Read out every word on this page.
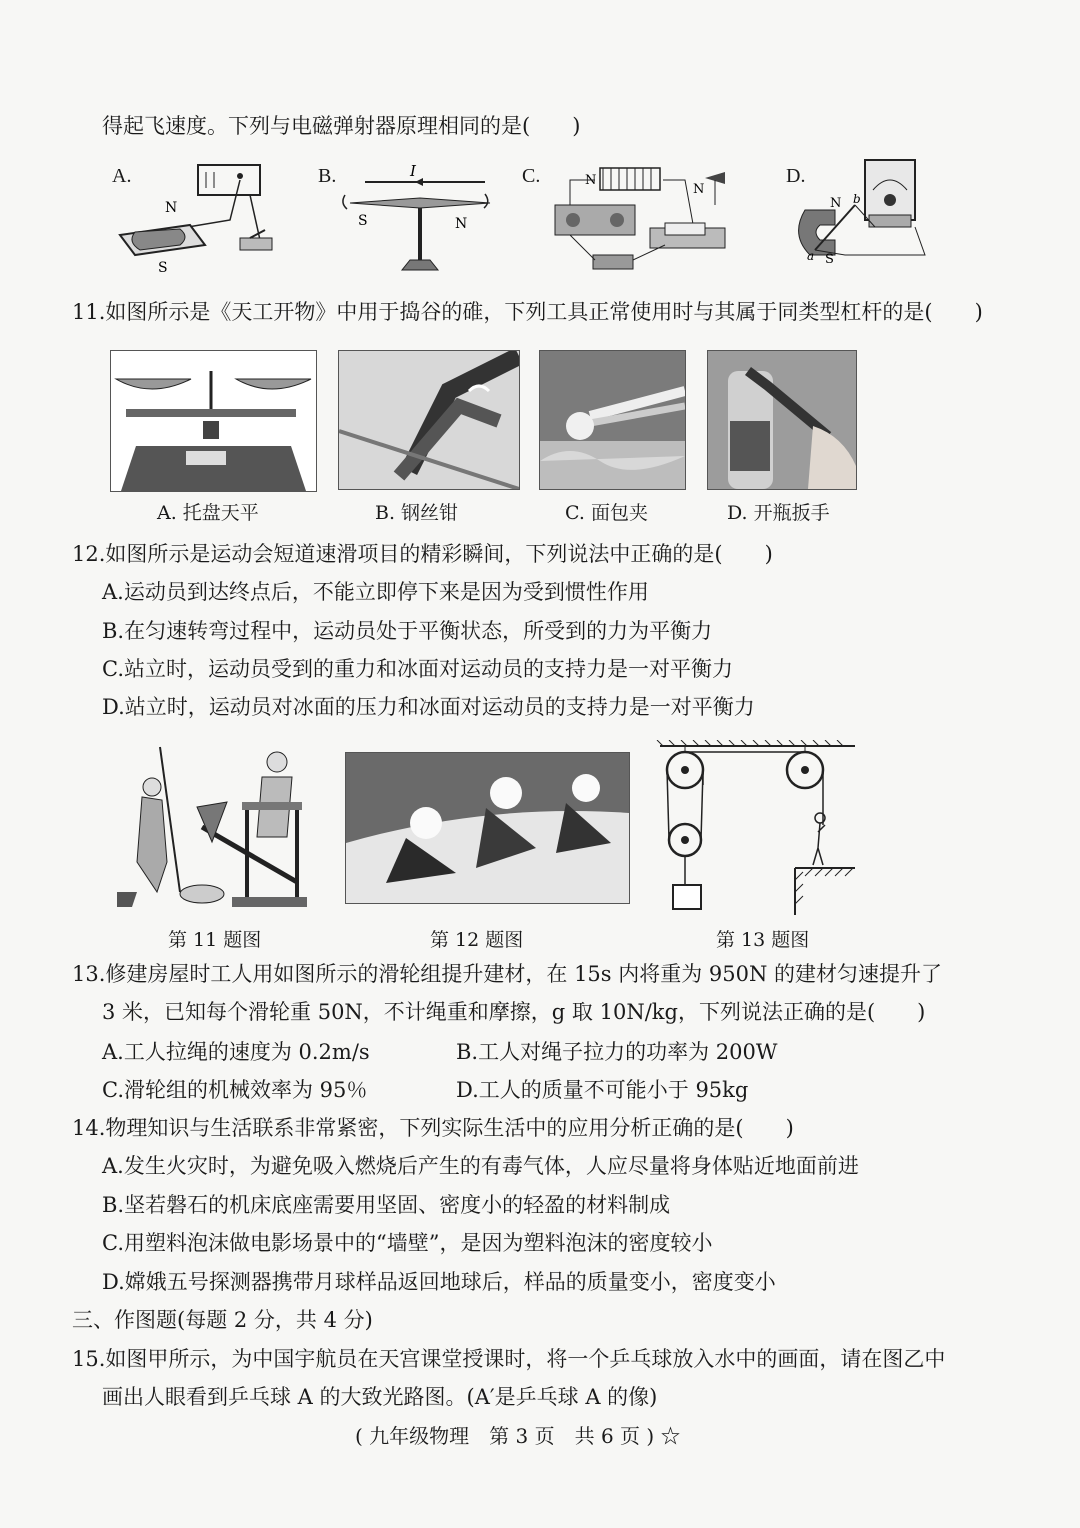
得起飞速度。下列与电磁弹射器原理相同的是(　　)
A.
N
S
B.	I
S	N
C.	N
N
D.
N
S
a
b
11.如图所示是《天工开物》中用于捣谷的碓，下列工具正常使用时与其属于同类型杠杆的是(　　)
A. 托盘天平	B. 钢丝钳	C. 面包夹	D. 开瓶扳手
12.如图所示是运动会短道速滑项目的精彩瞬间，下列说法中正确的是(　　)
A.运动员到达终点后，不能立即停下来是因为受到惯性作用
B.在匀速转弯过程中，运动员处于平衡状态，所受到的力为平衡力
C.站立时，运动员受到的重力和冰面对运动员的支持力是一对平衡力
D.站立时，运动员对冰面的压力和冰面对运动员的支持力是一对平衡力
第 11 题图	第 12 题图	第 13 题图
13.修建房屋时工人用如图所示的滑轮组提升建材，在 15s 内将重为 950N 的建材匀速提升了
3 米，已知每个滑轮重 50N，不计绳重和摩擦，g 取 10N/kg，下列说法正确的是(　　)
A.工人拉绳的速度为 0.2m/s	B.工人对绳子拉力的功率为 200W
C.滑轮组的机械效率为 95％	D.工人的质量不可能小于 95kg
14.物理知识与生活联系非常紧密，下列实际生活中的应用分析正确的是(　　)
A.发生火灾时，为避免吸入燃烧后产生的有毒气体，人应尽量将身体贴近地面前进
B.坚若磐石的机床底座需要用坚固、密度小的轻盈的材料制成
C.用塑料泡沫做电影场景中的“墙壁”，是因为塑料泡沫的密度较小
D.嫦娥五号探测器携带月球样品返回地球后，样品的质量变小，密度变小
三、作图题(每题 2 分，共 4 分)
15.如图甲所示，为中国宇航员在天宫课堂授课时，将一个乒乓球放入水中的画面，请在图乙中
画出人眼看到乒乓球 A 的大致光路图。(A′是乒乓球 A 的像)
( 九年级物理　第 3 页　共 6 页 ) ☆
